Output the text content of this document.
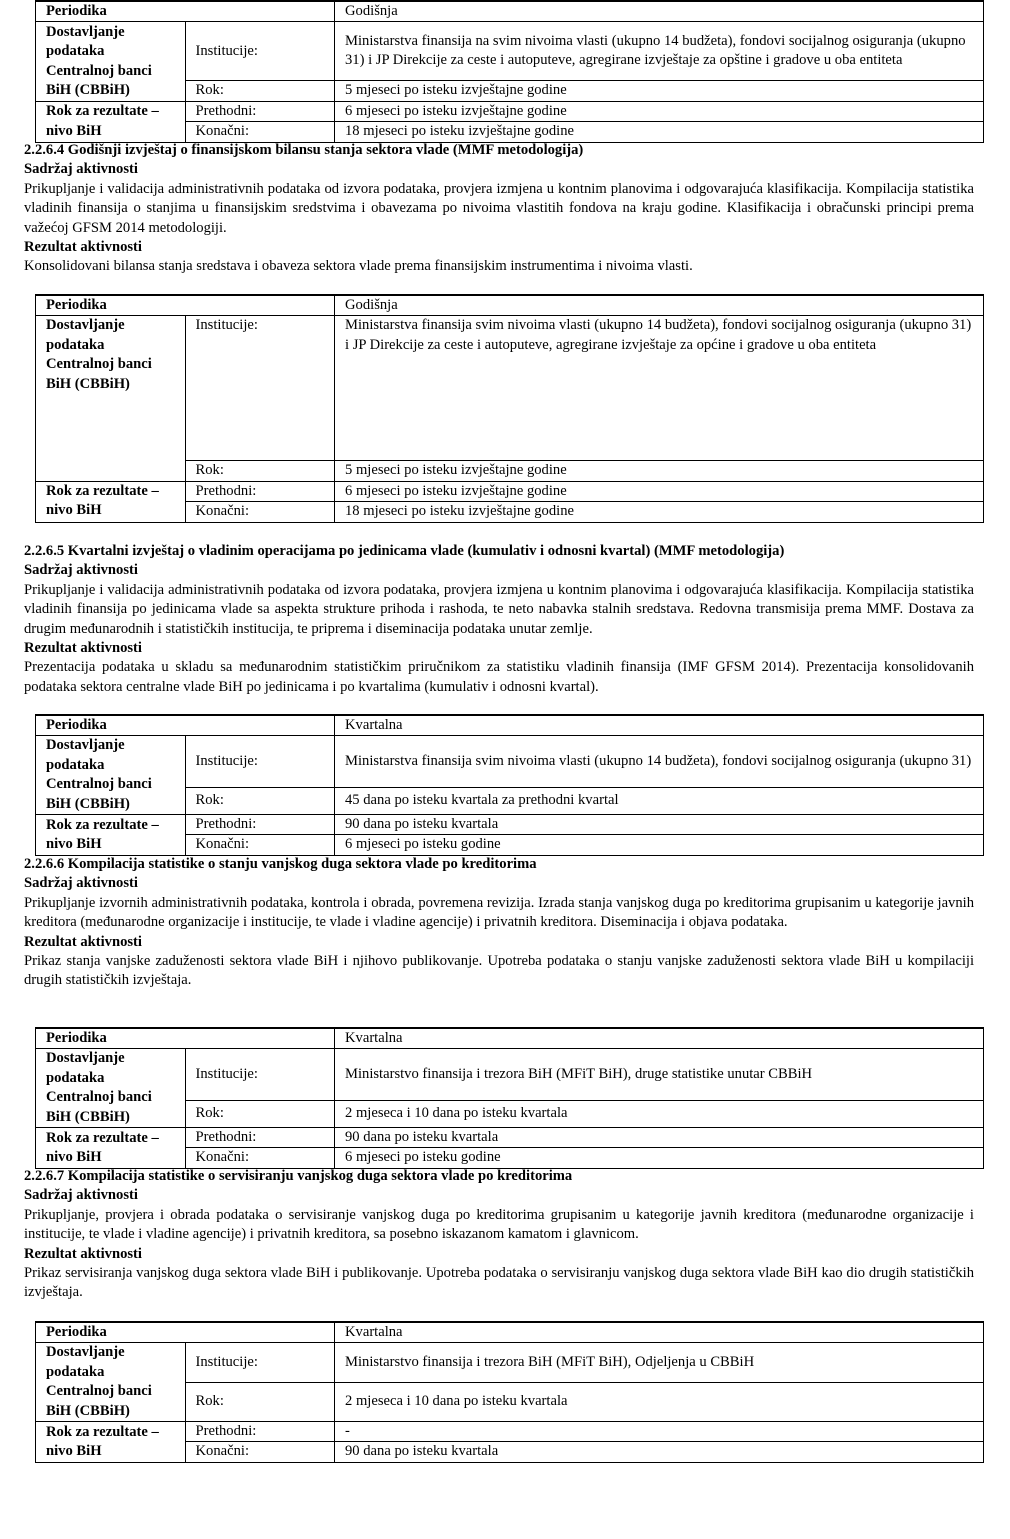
Periodika		Godišnja
Dostavljanje podataka Centralnoj banci BiH (CBBiH)	Institucije:	Ministarstva finansija na svim nivoima vlasti (ukupno 14 budžeta), fondovi socijalnog osiguranja (ukupno 31) i JP Direkcije za ceste i autoputeve, agregirane izvještaje za opštine i gradove u oba entiteta
	Rok:	5 mjeseci po isteku izvještajne godine
Rok za rezultate – nivo BiH	Prethodni:	6 mjeseci po isteku izvještajne godine
	Konačni:	18 mjeseci po isteku izvještajne godine
2.2.6.4 Godišnji izvještaj o finansijskom bilansu stanja sektora vlade (MMF metodologija)
Sadržaj aktivnosti

Prikupljanje i validacija administrativnih podataka od izvora podataka, provjera izmjena u kontnim planovima i odgovarajuća klasifikacija. Kompilacija statistika vladinih finansija o stanjima u finansijskim sredstvima i obavezama po nivoima vlastitih fondova na kraju godine. Klasifikacija i obračunski principi prema važećoj GFSM 2014 metodologiji.

Rezultat aktivnosti

Konsolidovani bilansa stanja sredstava i obaveza sektora vlade prema finansijskim instrumentima i nivoima vlasti.

Periodika		Godišnja
Dostavljanje podataka Centralnoj banci BiH (CBBiH)	Institucije:	Ministarstva finansija svim nivoima vlasti (ukupno 14 budžeta), fondovi socijalnog osiguranja (ukupno 31) i JP Direkcije za ceste i autoputeve, agregirane izvještaje za općine i gradove u oba entiteta
	Rok:	5 mjeseci po isteku izvještajne godine
Rok za rezultate – nivo BiH	Prethodni:	6 mjeseci po isteku izvještajne godine
	Konačni:	18 mjeseci po isteku izvještajne godine
2.2.6.5 Kvartalni izvještaj o vladinim operacijama po jedinicama vlade (kumulativ i odnosni kvartal) (MMF metodologija)
Sadržaj aktivnosti

Prikupljanje i validacija administrativnih podataka od izvora podataka, provjera izmjena u kontnim planovima i odgovarajuća klasifikacija. Kompilacija statistika vladinih finansija po jedinicama vlade sa aspekta strukture prihoda i rashoda, te neto nabavka stalnih sredstava. Redovna transmisija prema MMF. Dostava za drugim međunarodnih i statističkih institucija, te priprema i diseminacija podataka unutar zemlje.

Rezultat aktivnosti

Prezentacija podataka u skladu sa međunarodnim statističkim priručnikom za statistiku vladinih finansija (IMF GFSM 2014). Prezentacija konsolidovanih podataka sektora centralne vlade BiH po jedinicama i po kvartalima (kumulativ i odnosni kvartal).

Periodika		Kvartalna
Dostavljanje podataka Centralnoj banci BiH (CBBiH)	Institucije:	Ministarstva finansija svim nivoima vlasti (ukupno 14 budžeta), fondovi socijalnog osiguranja (ukupno 31)
	Rok:	45 dana po isteku kvartala za prethodni kvartal
Rok za rezultate – nivo BiH	Prethodni:	90 dana po isteku kvartala
	Konačni:	6 mjeseci po isteku godine
2.2.6.6 Kompilacija statistike o stanju vanjskog duga sektora vlade po kreditorima
Sadržaj aktivnosti

Prikupljanje izvornih administrativnih podataka, kontrola i obrada, povremena revizija. Izrada stanja vanjskog duga po kreditorima grupisanim u kategorije javnih kreditora (međunarodne organizacije i institucije, te vlade i vladine agencije) i privatnih kreditora. Diseminacija i objava podataka.

Rezultat aktivnosti

Prikaz stanja vanjske zaduženosti sektora vlade BiH i njihovo publikovanje. Upotreba podataka o stanju vanjske zaduženosti sektora vlade BiH u kompilaciji drugih statističkih izvještaja.

Periodika		Kvartalna
Dostavljanje podataka Centralnoj banci BiH (CBBiH)	Institucije:	Ministarstvo finansija i trezora BiH (MFiT BiH), druge statistike unutar CBBiH
	Rok:	2 mjeseca i 10 dana po isteku kvartala
Rok za rezultate – nivo BiH	Prethodni:	90 dana po isteku kvartala
	Konačni:	6 mjeseci po isteku godine
2.2.6.7 Kompilacija statistike o servisiranju vanjskog duga sektora vlade po kreditorima
Sadržaj aktivnosti

Prikupljanje, provjera i obrada podataka o servisiranje vanjskog duga po kreditorima grupisanim u kategorije javnih kreditora (međunarodne organizacije i institucije, te vlade i vladine agencije) i privatnih kreditora, sa posebno iskazanom kamatom i glavnicom.

Rezultat aktivnosti

Prikaz servisiranja vanjskog duga sektora vlade BiH i publikovanje. Upotreba podataka o servisiranju vanjskog duga sektora vlade BiH kao dio drugih statističkih izvještaja.

Periodika		Kvartalna
Dostavljanje podataka Centralnoj banci BiH (CBBiH)	Institucije:	Ministarstvo finansija i trezora BiH (MFiT BiH), Odjeljenja u CBBiH
	Rok:	2 mjeseca i 10 dana po isteku kvartala
Rok za rezultate – nivo BiH	Prethodni:	-
	Konačni:	90 dana po isteku kvartala
